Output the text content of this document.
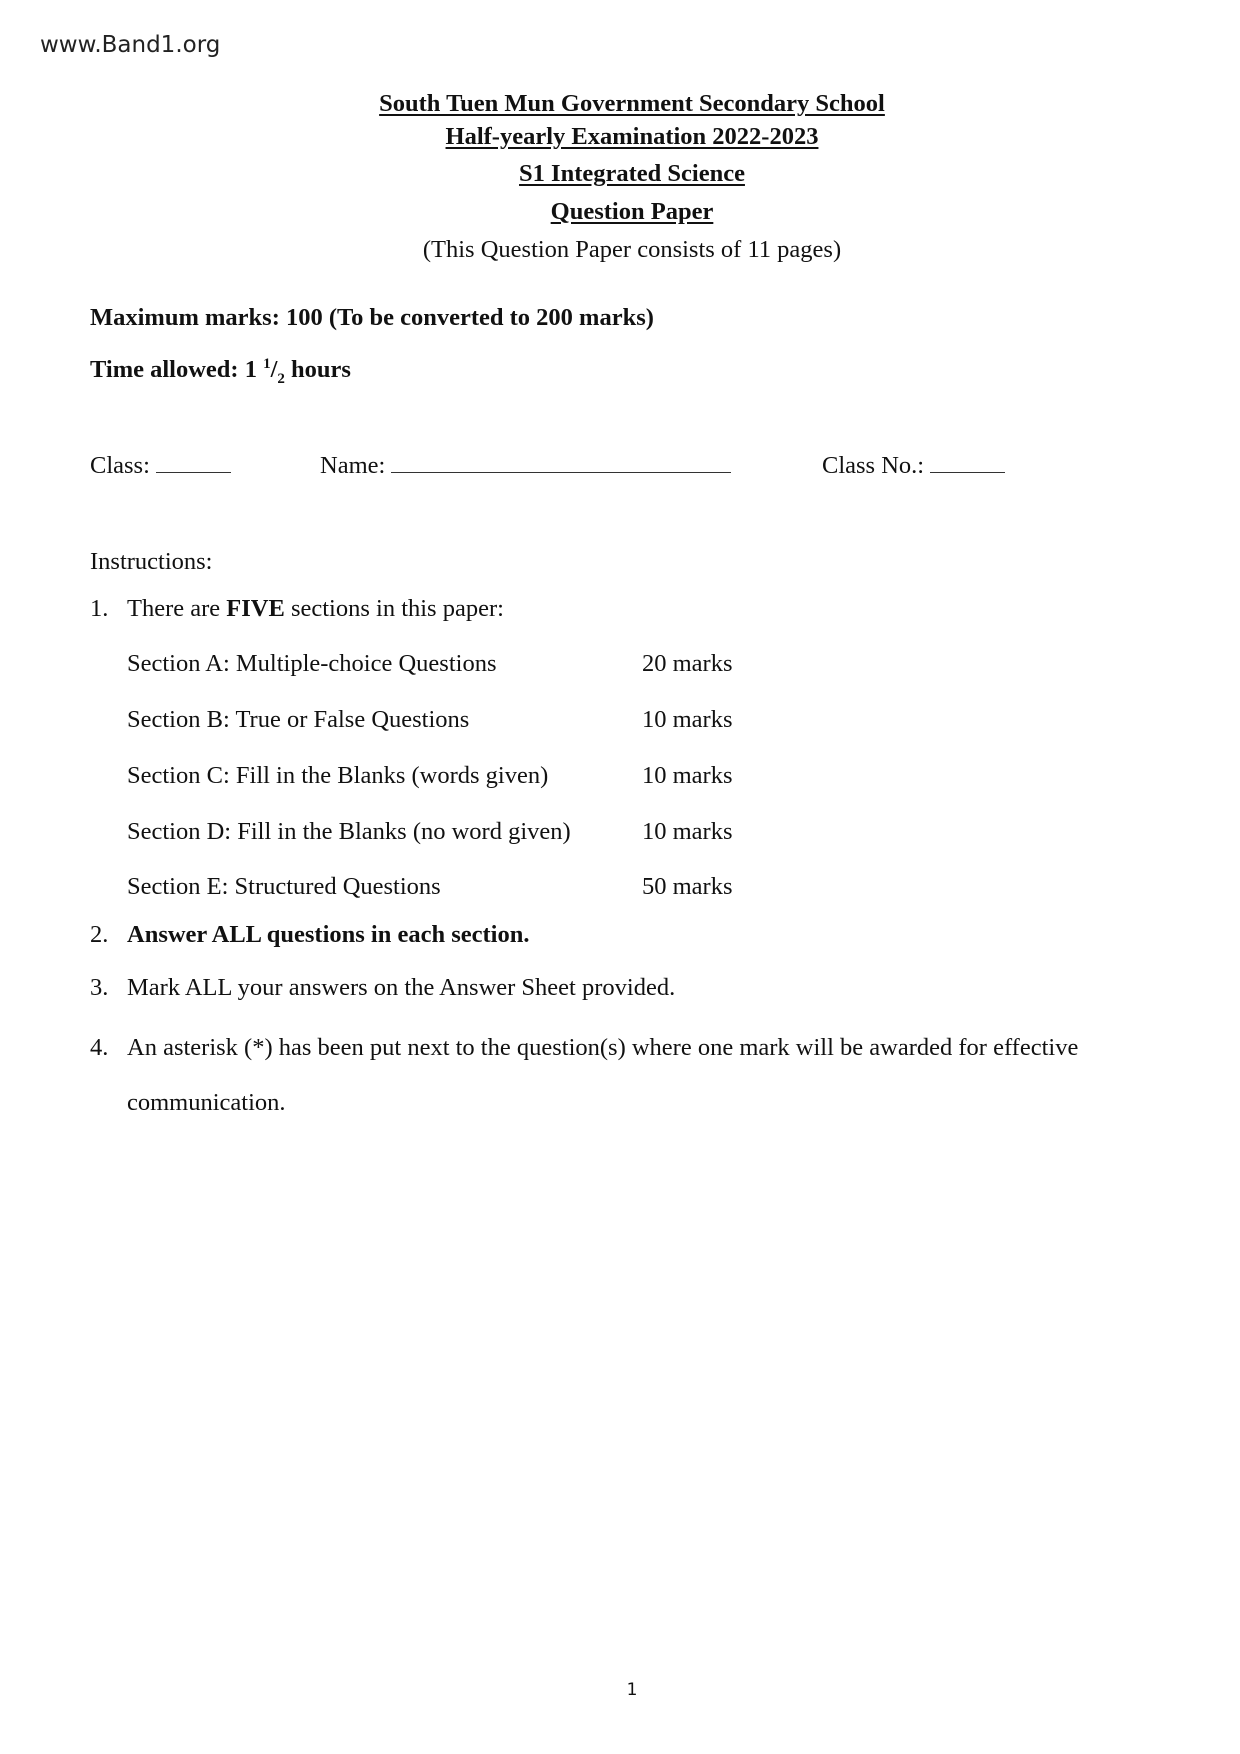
www.Band1.org
South Tuen Mun Government Secondary School
Half-yearly Examination 2022-2023
S1 Integrated Science
Question Paper
(This Question Paper consists of 11 pages)
Maximum marks: 100 (To be converted to 200 marks)
Time allowed: 1 $^1/_2$ hours
Class:	Name:	Class No.:
Instructions:
1. There are FIVE sections in this paper:
Section A: Multiple-choice Questions	20 marks
Section B: True or False Questions	10 marks
Section C: Fill in the Blanks (words given)	10 marks
Section D: Fill in the Blanks (no word given)	10 marks
Section E: Structured Questions	50 marks
2. Answer ALL questions in each section.
3. Mark ALL your answers on the Answer Sheet provided.
4. An asterisk (*) has been put next to the question(s) where one mark will be awarded for effective
communication.
1
